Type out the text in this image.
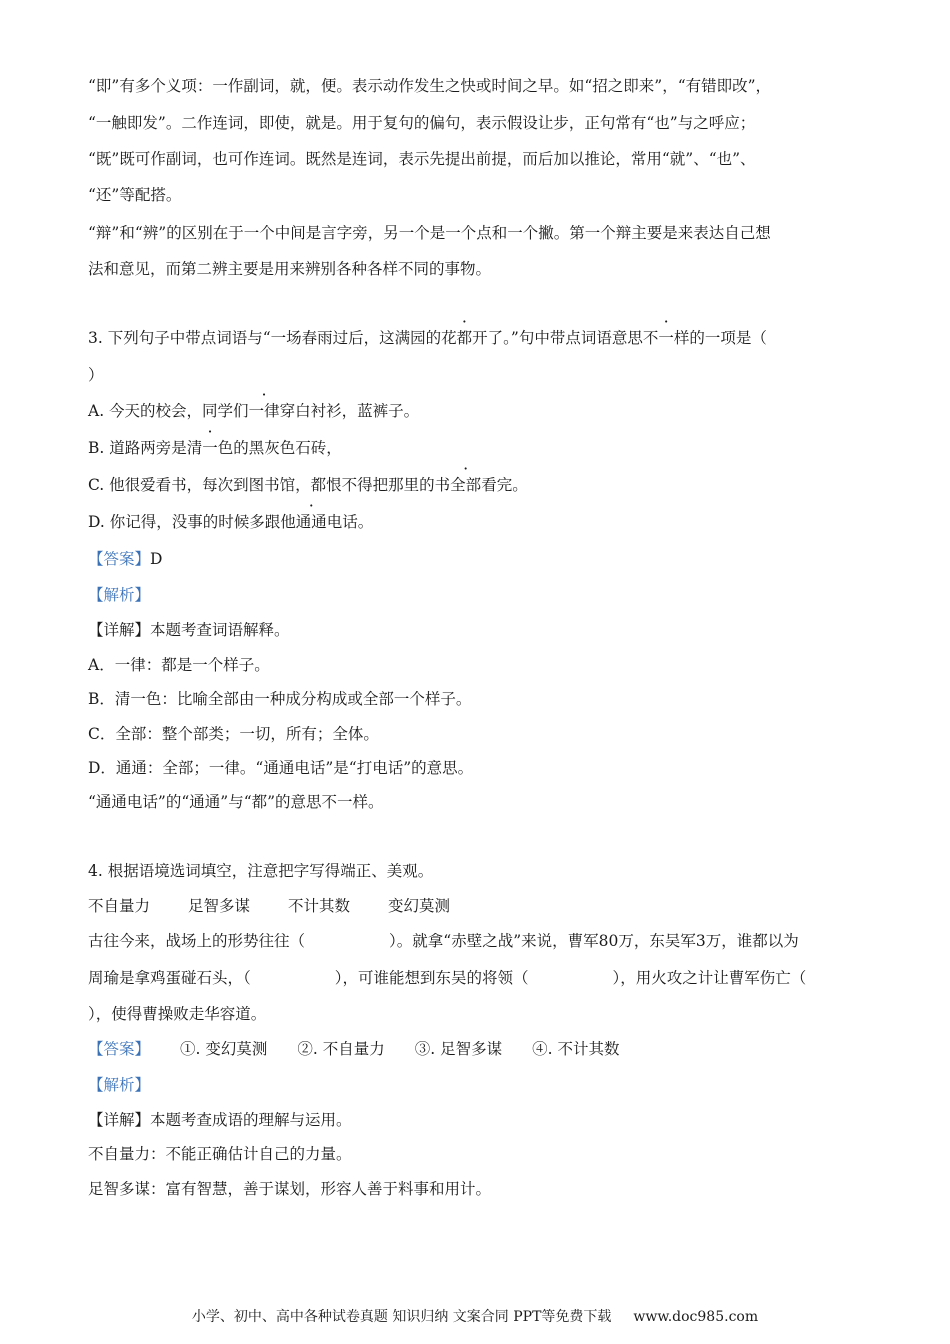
“即”有多个义项：一作副词，就，便。表示动作发生之快或时间之早。如“招之即来”，“有错即改”，
“一触即发”。二作连词，即使，就是。用于复句的偏句，表示假设让步，正句常有“也”与之呼应；
“既”既可作副词，也可作连词。既然是连词，表示先提出前提，而后加以推论，常用“就”、“也”、
“还”等配搭。
“辩”和“辨”的区别在于一个中间是言字旁，另一个是一个点和一个撇。第一个辩主要是来表达自己想
法和意见，而第二辨主要是用来辨别各种各样不同的事物。
3. 下列句子中带点词语与“一场春雨过后，这满园的花都开了。”句中带点词语意思不一样的一项是（
）
A. 今天的校会，同学们一律穿白衬衫，蓝裤子。
B. 道路两旁是清一色的黑灰色石砖，
C. 他很爱看书，每次到图书馆，都恨不得把那里的书全部看完。
D. 你记得，没事的时候多跟他通通电话。
【答案】D
【解析】
【详解】本题考查词语解释。
A．一律：都是一个样子。
B．清一色：比喻全部由一种成分构成或全部一个样子。
C．全部：整个部类；一切，所有；全体。
D．通通：全部；一律。“通通电话”是“打电话”的意思。
“通通电话”的“通通”与“都”的意思不一样。
4. 根据语境选词填空，注意把字写得端正、美观。
不自量力 足智多谋 不计其数 变幻莫测
古往今来，战场上的形势往往（	）。就拿“赤壁之战”来说，曹军80万，东吴军3万，谁都以为
周瑜是拿鸡蛋碰石头，（	），可谁能想到东吴的将领（	），用火攻之计让曹军伤亡（
），使得曹操败走华容道。
【答案】 ①. 变幻莫测 ②. 不自量力 ③. 足智多谋 ④. 不计其数
【解析】
【详解】本题考查成语的理解与运用。
不自量力：不能正确估计自己的力量。
足智多谋：富有智慧，善于谋划，形容人善于料事和用计。
小学、初中、高中各种试卷真题 知识归纳 文案合同 PPT等免费下载 www.doc985.com
